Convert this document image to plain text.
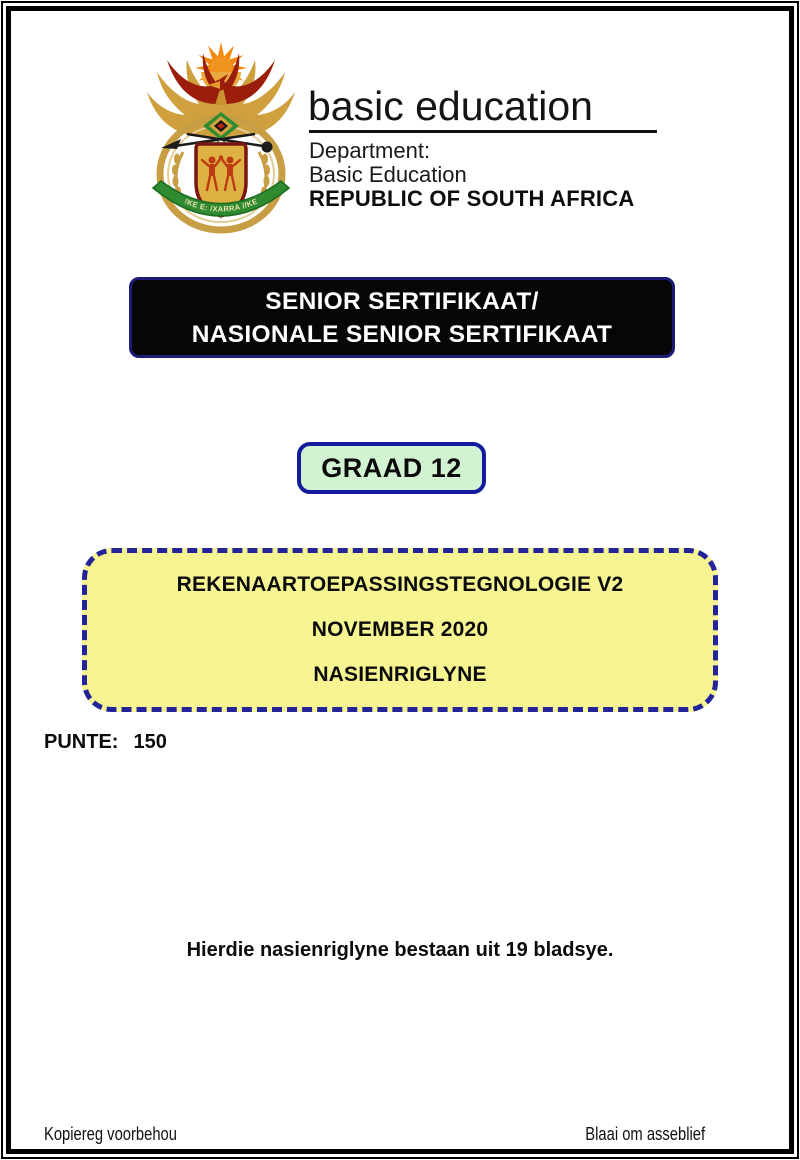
!KE E: /XARRA //KE
basic education
Department:
Basic Education
REPUBLIC OF SOUTH AFRICA
SENIOR SERTIFIKAAT/
NASIONALE SENIOR SERTIFIKAAT
GRAAD 12
REKENAARTOEPASSINGSTEGNOLOGIE V2
NOVEMBER 2020
NASIENRIGLYNE
PUNTE: 150
Hierdie nasienriglyne bestaan uit 19 bladsye.
Kopiereg voorbehou	Blaai om asseblief
